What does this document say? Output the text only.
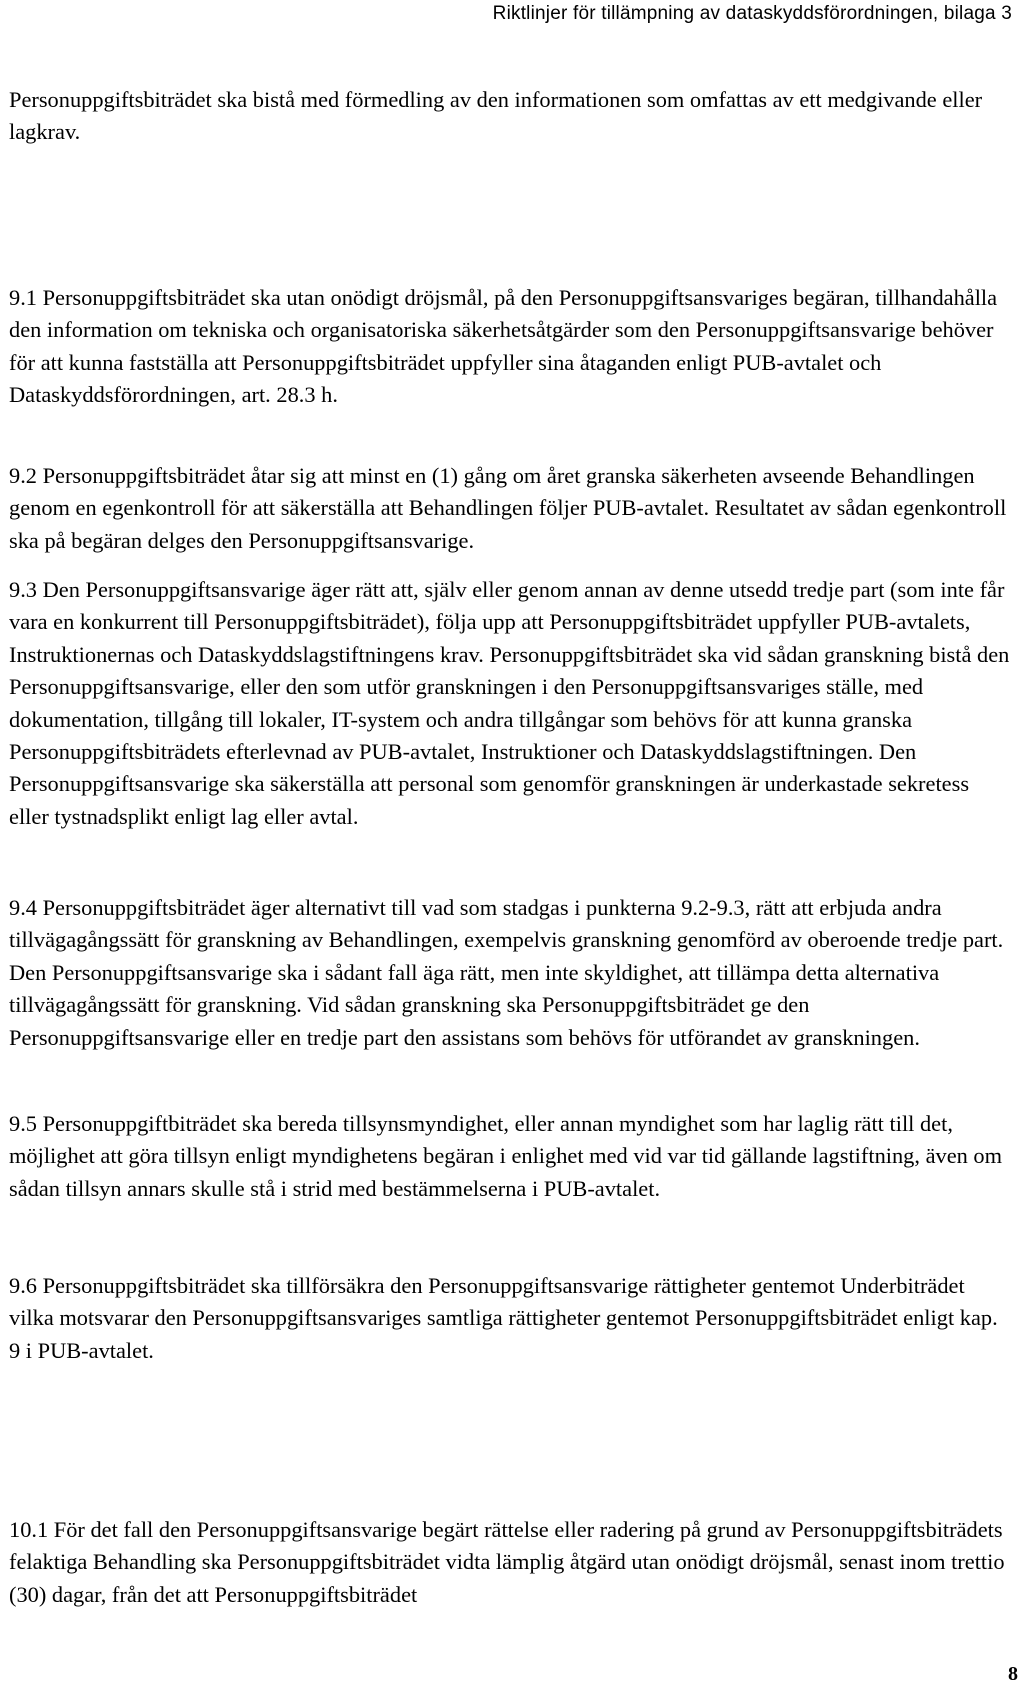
Riktlinjer för tillämpning av dataskyddsförordningen, bilaga 3

Personuppgiftsbiträdet ska bistå med förmedling av den informationen som omfattas av ett medgivande eller lagkrav.

9.1 Personuppgiftsbiträdet ska utan onödigt dröjsmål, på den Personuppgiftsansvariges begäran, tillhandahålla den information om tekniska och organisatoriska säkerhetsåtgärder som den Personuppgiftsansvarige behöver för att kunna fastställa att Personuppgiftsbiträdet uppfyller sina åtaganden enligt PUB-avtalet och Dataskyddsförordningen, art. 28.3 h.

9.2 Personuppgiftsbiträdet åtar sig att minst en (1) gång om året granska säkerheten avseende Behandlingen genom en egenkontroll för att säkerställa att Behandlingen följer PUB-avtalet. Resultatet av sådan egenkontroll ska på begäran delges den Personuppgiftsansvarige.

9.3 Den Personuppgiftsansvarige äger rätt att, själv eller genom annan av denne utsedd tredje part (som inte får vara en konkurrent till Personuppgiftsbiträdet), följa upp att Personuppgiftsbiträdet uppfyller PUB-avtalets, Instruktionernas och Dataskyddslagstiftningens krav. Personuppgiftsbiträdet ska vid sådan granskning bistå den Personuppgiftsansvarige, eller den som utför granskningen i den Personuppgiftsansvariges ställe, med dokumentation, tillgång till lokaler, IT-system och andra tillgångar som behövs för att kunna granska Personuppgiftsbiträdets efterlevnad av PUB-avtalet, Instruktioner och Dataskyddslagstiftningen. Den Personuppgiftsansvarige ska säkerställa att personal som genomför granskningen är underkastade sekretess eller tystnadsplikt enligt lag eller avtal.

9.4 Personuppgiftsbiträdet äger alternativt till vad som stadgas i punkterna 9.2-9.3, rätt att erbjuda andra tillvägagångssätt för granskning av Behandlingen, exempelvis granskning genomförd av oberoende tredje part. Den Personuppgiftsansvarige ska i sådant fall äga rätt, men inte skyldighet, att tillämpa detta alternativa tillvägagångssätt för granskning. Vid sådan granskning ska Personuppgiftsbiträdet ge den Personuppgiftsansvarige eller en tredje part den assistans som behövs för utförandet av granskningen.

9.5 Personuppgiftbiträdet ska bereda tillsynsmyndighet, eller annan myndighet som har laglig rätt till det, möjlighet att göra tillsyn enligt myndighetens begäran i enlighet med vid var tid gällande lagstiftning, även om sådan tillsyn annars skulle stå i strid med bestämmelserna i PUB-avtalet.

9.6 Personuppgiftsbiträdet ska tillförsäkra den Personuppgiftsansvarige rättigheter gentemot Underbiträdet vilka motsvarar den Personuppgiftsansvariges samtliga rättigheter gentemot Personuppgiftsbiträdet enligt kap. 9 i PUB-avtalet.

10.1 För det fall den Personuppgiftsansvarige begärt rättelse eller radering på grund av Personuppgiftsbiträdets felaktiga Behandling ska Personuppgiftsbiträdet vidta lämplig åtgärd utan onödigt dröjsmål, senast inom trettio (30) dagar, från det att Personuppgiftsbiträdet

8
